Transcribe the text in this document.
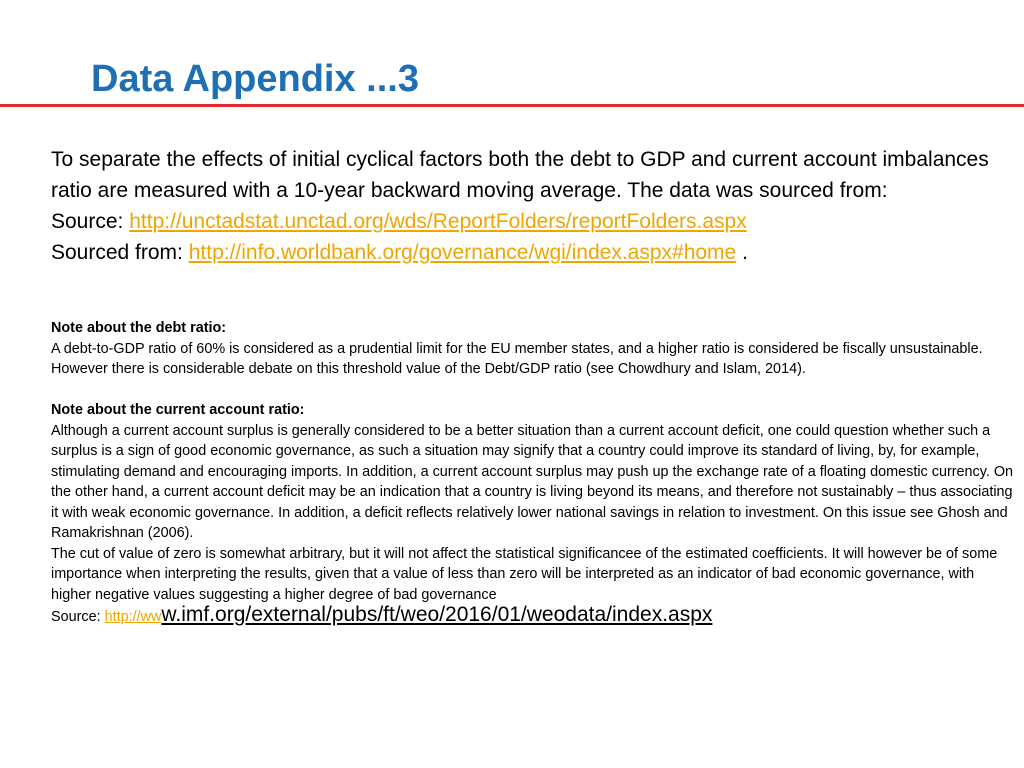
Data Appendix ...3

To separate the effects of initial cyclical factors both the debt to GDP and current account imbalances ratio are measured with a 10-year backward moving average. The data was sourced from:

Source: http://unctadstat.unctad.org/wds/ReportFolders/reportFolders.aspx

Sourced from: http://info.worldbank.org/governance/wgi/index.aspx#home .

Note about the debt ratio:

A debt-to-GDP ratio of 60% is considered as a prudential limit for the EU member states, and a higher ratio is considered be fiscally unsustainable. However there is considerable debate on this threshold value of the Debt/GDP ratio (see Chowdhury and Islam, 2014).

Note about the current account ratio:

Although a current account surplus is generally considered to be a better situation than a current account deficit, one could question whether such a surplus is a sign of good economic governance, as such a situation may signify that a country could improve its standard of living, by, for example, stimulating demand and encouraging imports. In addition, a current account surplus may push up the exchange rate of a floating domestic currency. On the other hand, a current account deficit may be an indication that a country is living beyond its means, and therefore not sustainably – thus associating it with weak economic governance. In addition, a deficit reflects relatively lower national savings in relation to investment. On this issue see Ghosh and Ramakrishnan (2006).

The cut of value of zero is somewhat arbitrary, but it will not affect the statistical significancee of the estimated coefficients. It will however be of some importance when interpreting the results, given that a value of less than zero will be interpreted as an indicator of bad economic governance, with higher negative values suggesting a higher degree of bad governance

Source: http://www.imf.org/external/pubs/ft/weo/2016/01/weodata/index.aspx
